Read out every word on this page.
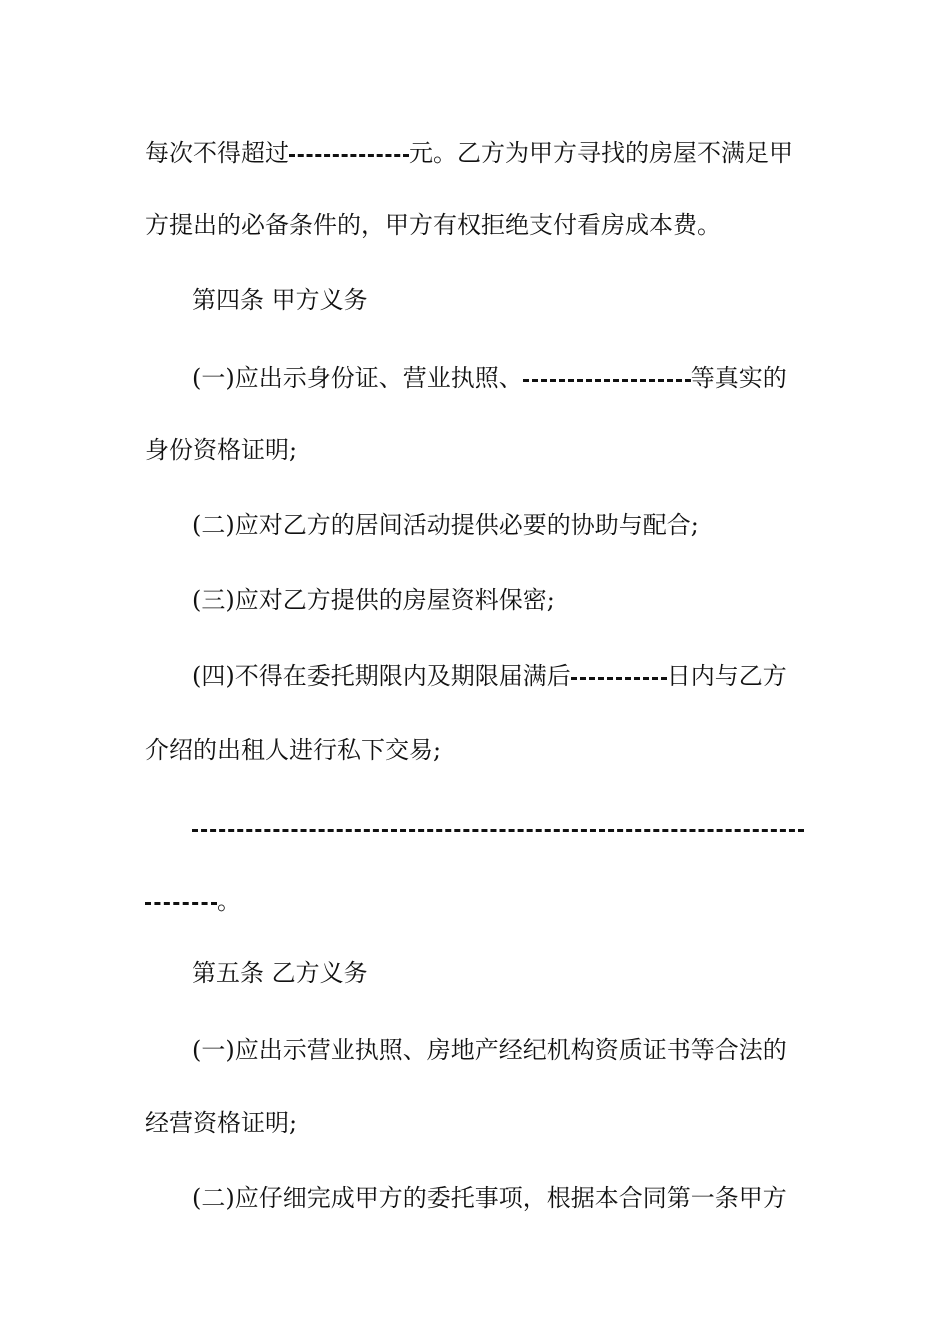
每次不得超过	元。乙方为甲方寻找的房屋不满足甲
方提出的必备条件的，甲方有权拒绝支付看房成本费。
第四条 甲方义务
(一)应出示身份证、营业执照、	等真实的
身份资格证明;
(二)应对乙方的居间活动提供必要的协助与配合;
(三)应对乙方提供的房屋资料保密;
(四)不得在委托期限内及期限届满后	日内与乙方
介绍的出租人进行私下交易;
。
第五条 乙方义务
(一)应出示营业执照、房地产经纪机构资质证书等合法的
经营资格证明;
(二)应仔细完成甲方的委托事项，根据本合同第一条甲方
